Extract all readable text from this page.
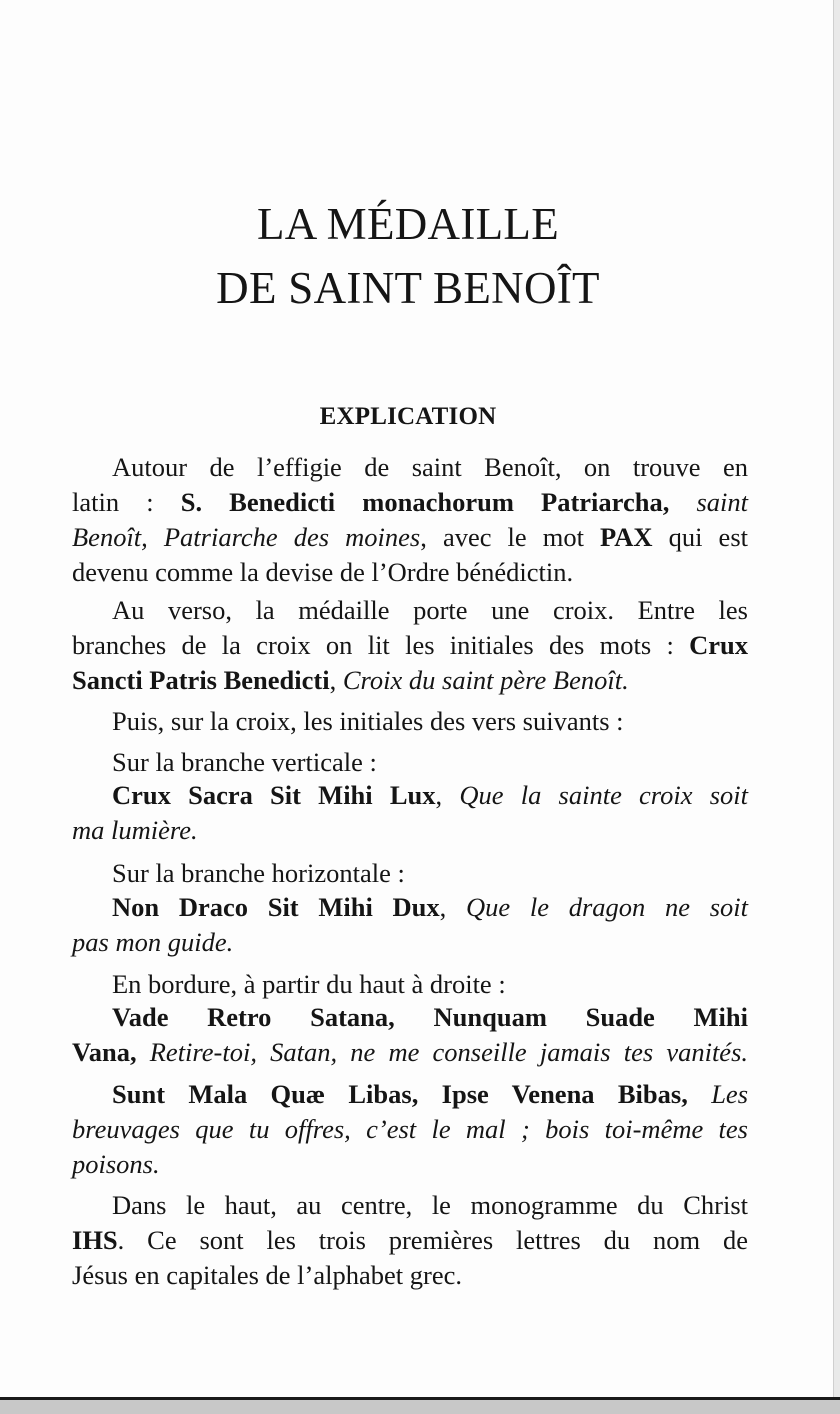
LA MÉDAILLE
DE SAINT BENOÎT
EXPLICATION

Autour de l’effigie de saint Benoît, on trouve en

latin : S. Benedicti monachorum Patriarcha, saint

Benoît, Patriarche des moines, avec le mot PAX qui est

devenu comme la devise de l’Ordre bénédictin.

Au verso, la médaille porte une croix. Entre les

branches de la croix on lit les initiales des mots : Crux

Sancti Patris Benedicti, Croix du saint père Benoît.

Puis, sur la croix, les initiales des vers suivants :

Sur la branche verticale :

Crux Sacra Sit Mihi Lux, Que la sainte croix soit

ma lumière.

Sur la branche horizontale :

Non Draco Sit Mihi Dux, Que le dragon ne soit

pas mon guide.

En bordure, à partir du haut à droite :

Vade Retro Satana, Nunquam Suade Mihi

Vana, Retire-toi, Satan, ne me conseille jamais tes vanités.

Sunt Mala Quæ Libas, Ipse Venena Bibas, Les

breuvages que tu offres, c’est le mal ; bois toi-même tes

poisons.

Dans le haut, au centre, le monogramme du Christ

IHS. Ce sont les trois premières lettres du nom de

Jésus en capitales de l’alphabet grec.
